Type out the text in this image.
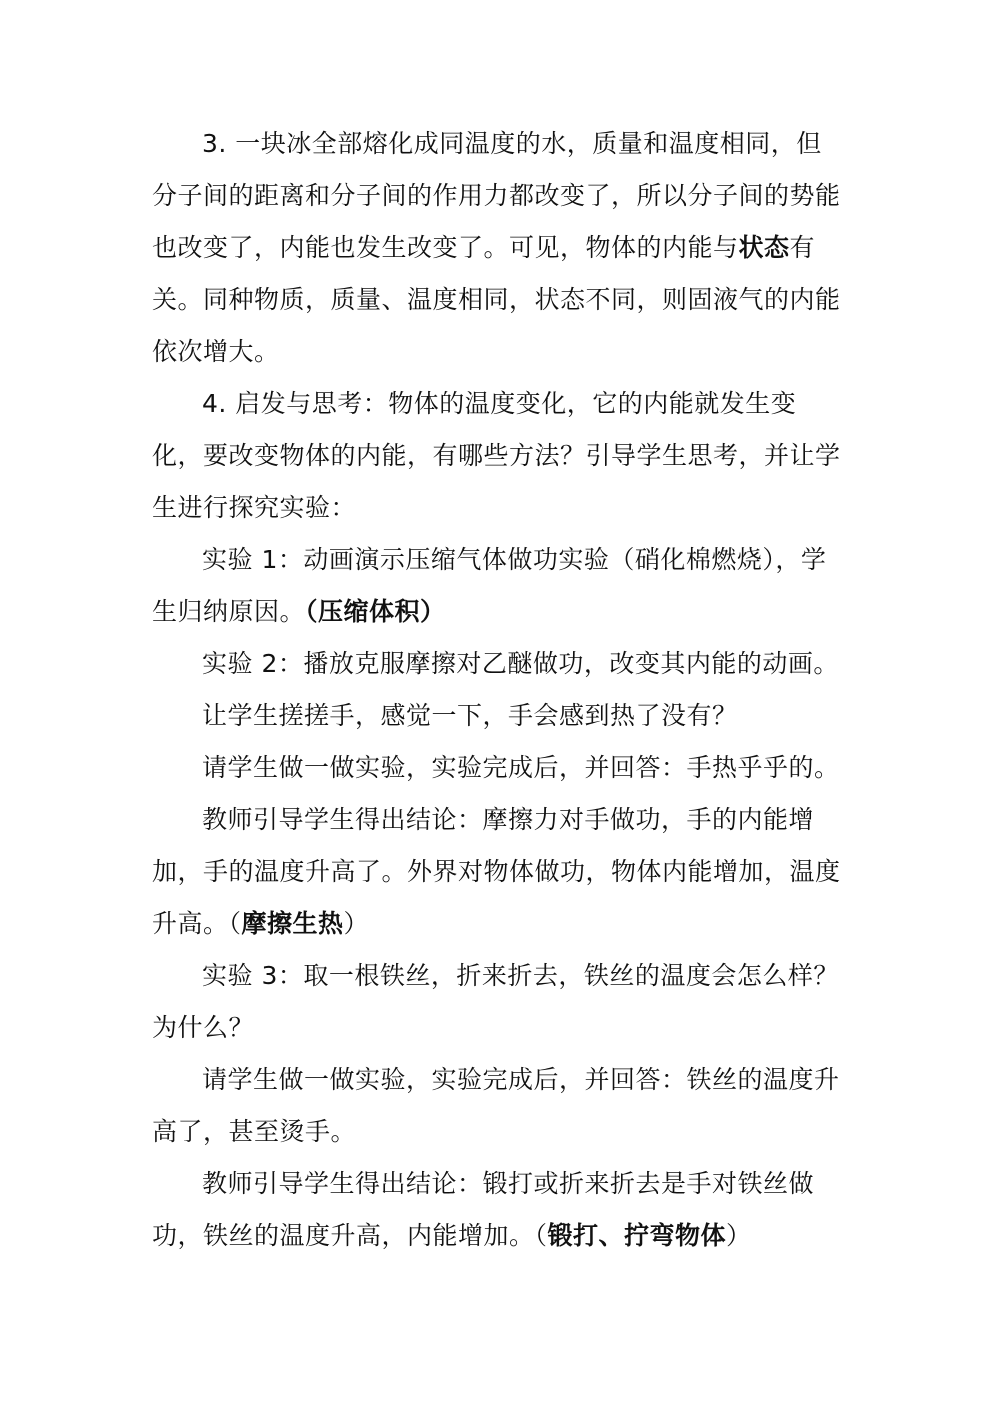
3. 一块冰全部熔化成同温度的水，质量和温度相同，但分子间的距离和分子间的作用力都改变了，所以分子间的势能也改变了，内能也发生改变了。可见，物体的内能与状态有关。同种物质，质量、温度相同，状态不同，则固液气的内能依次增大。

4. 启发与思考：物体的温度变化，它的内能就发生变化，要改变物体的内能，有哪些方法？引导学生思考，并让学生进行探究实验：

实验 1：动画演示压缩气体做功实验（硝化棉燃烧），学生归纳原因。（压缩体积）

实验 2：播放克服摩擦对乙醚做功，改变其内能的动画。

让学生搓搓手，感觉一下，手会感到热了没有？

请学生做一做实验，实验完成后，并回答：手热乎乎的。

教师引导学生得出结论：摩擦力对手做功，手的内能增加，手的温度升高了。外界对物体做功，物体内能增加，温度升高。（摩擦生热）

实验 3：取一根铁丝，折来折去，铁丝的温度会怎么样？为什么？

请学生做一做实验，实验完成后，并回答：铁丝的温度升高了，甚至烫手。

教师引导学生得出结论：锻打或折来折去是手对铁丝做功，铁丝的温度升高，内能增加。（锻打、拧弯物体）
